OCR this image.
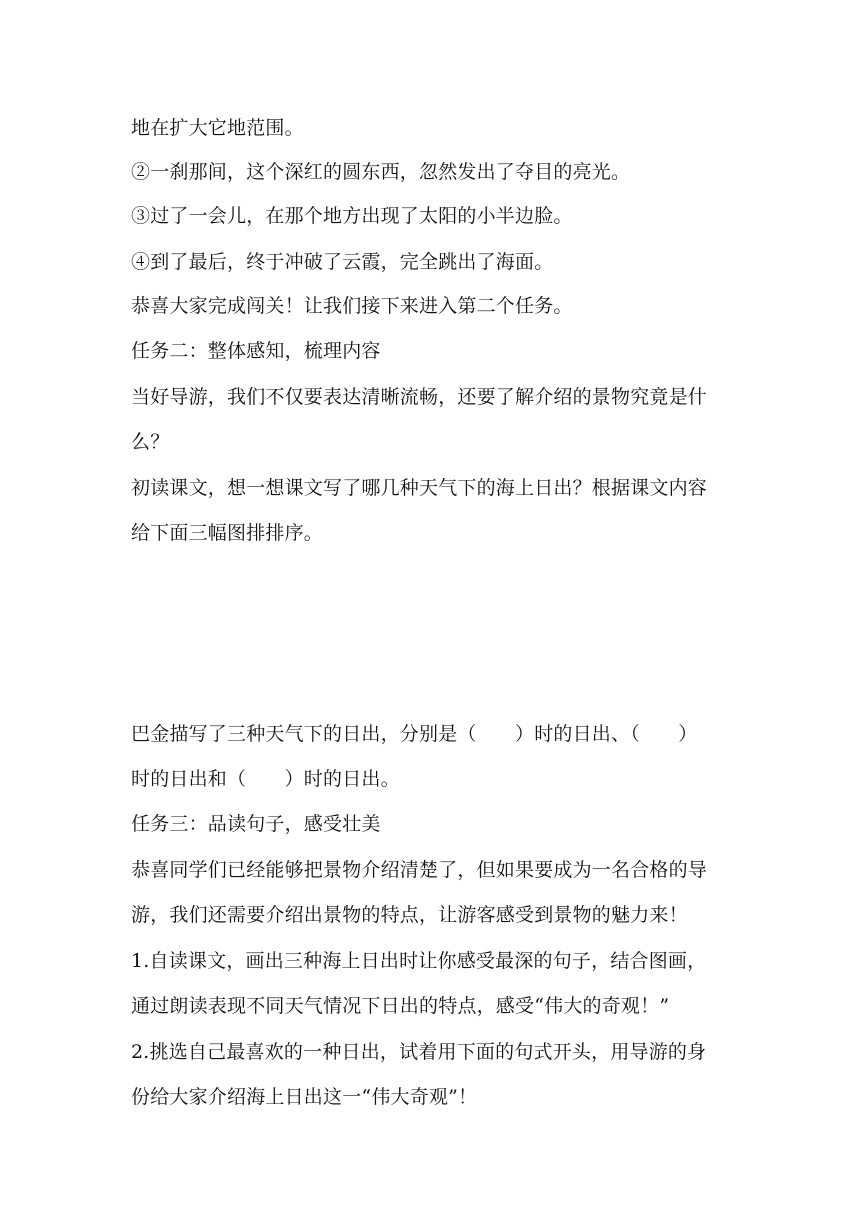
地在扩大它地范围。
②一刹那间，这个深红的圆东西，忽然发出了夺目的亮光。
③过了一会儿，在那个地方出现了太阳的小半边脸。
④到了最后，终于冲破了云霞，完全跳出了海面。
恭喜大家完成闯关！让我们接下来进入第二个任务。
任务二：整体感知，梳理内容
当好导游，我们不仅要表达清晰流畅，还要了解介绍的景物究竟是什
么？
初读课文，想一想课文写了哪几种天气下的海上日出？根据课文内容
给下面三幅图排排序。
巴金描写了三种天气下的日出，分别是（　　）时的日出、（　　）
时的日出和（　　）时的日出。
任务三：品读句子，感受壮美
恭喜同学们已经能够把景物介绍清楚了，但如果要成为一名合格的导
游，我们还需要介绍出景物的特点，让游客感受到景物的魅力来！
1.自读课文，画出三种海上日出时让你感受最深的句子，结合图画，
通过朗读表现不同天气情况下日出的特点，感受“伟大的奇观！”
2.挑选自己最喜欢的一种日出，试着用下面的句式开头，用导游的身
份给大家介绍海上日出这一“伟大奇观”！
